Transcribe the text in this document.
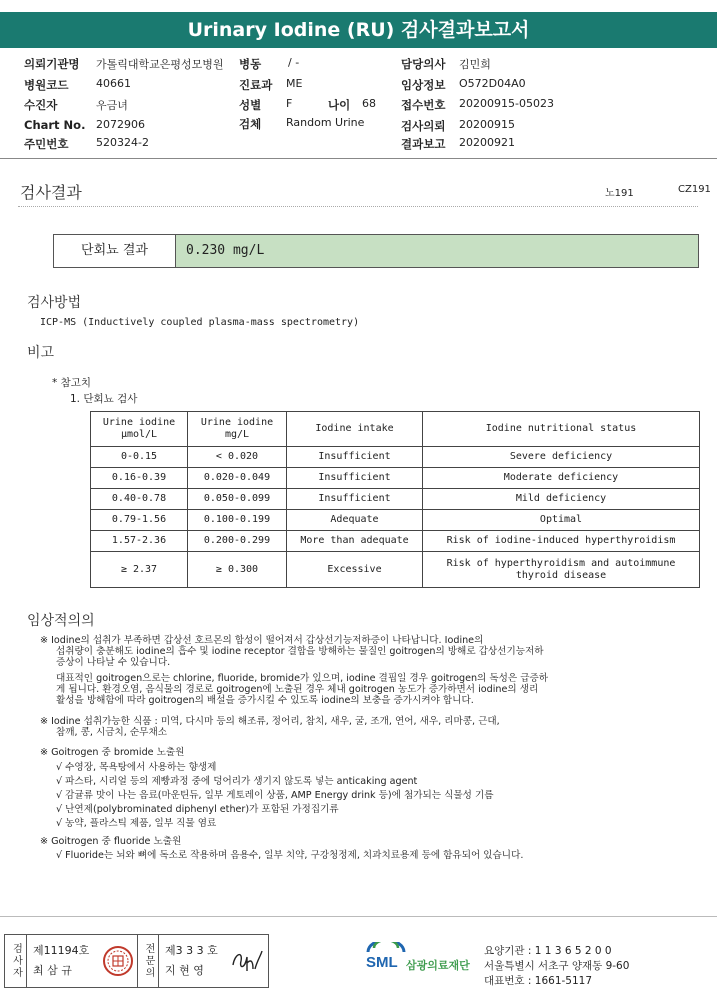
Urinary Iodine (RU) 검사결과보고서
의뢰기관명 가톨릭대학교은평성모병원 병동 / -	담당의사 김민희
병원코드	40661	진료과 ME	임상정보 O572D04A0
수진자	우금녀	성별 F	나이 68 접수번호 20200915-05023
Chart No. 2072906	검체 Random Urine	검사의뢰 20200915
주민번호	520324-2	결과보고 20200921
검사결과	노191	CZ191
단회뇨 결과	0.230 mg/L
검사방법
ICP-MS (Inductively coupled plasma-mass spectrometry)
비고
* 참고치
1. 단회뇨 검사
Urine iodine μmol/L	Urine iodine mg/L	Iodine intake	Iodine nutritional status
0-0.15	< 0.020	Insufficient	Severe deficiency
0.16-0.39	0.020-0.049	Insufficient	Moderate deficiency
0.40-0.78	0.050-0.099	Insufficient	Mild deficiency
0.79-1.56	0.100-0.199	Adequate	Optimal
1.57-2.36	0.200-0.299	More than adequate	Risk of iodine-induced hyperthyroidism
≥ 2.37	≥ 0.300	Excessive	Risk of hyperthyroidism and autoimmune thyroid disease
임상적의의
※ Iodine의 섭취가 부족하면 갑상선 호르몬의 합성이 떨어져서 갑상선기능저하증이 나타납니다. Iodine의
섭취량이 충분해도 iodine의 흡수 및 iodine receptor 결합을 방해하는 물질인 goitrogen의 방해로 갑상선기능저하
증상이 나타날 수 있습니다.
대표적인 goitrogen으로는 chlorine, fluoride, bromide가 있으며, iodine 결핍일 경우 goitrogen의 독성은 급증하
게 됩니다. 환경오염, 음식물의 경로로 goitrogen에 노출된 경우 체내 goitrogen 농도가 증가하면서 iodine의 생리
활성을 방해함에 따라 goitrogen의 배설을 증가시킬 수 있도록 iodine의 보충을 증가시켜야 합니다.
※ Iodine 섭취가능한 식품 : 미역, 다시마 등의 해조류, 정어리, 참치, 새우, 굴, 조개, 연어, 새우, 리마콩, 근대,
참깨, 콩, 시금치, 순무채소
※ Goitrogen 중 bromide 노출원
√ 수영장, 목욕탕에서 사용하는 향생제
√ 파스타, 시리얼 등의 제빵과정 중에 덩어리가 생기지 않도록 넣는 anticaking agent
√ 감귤류 맛이 나는 음료(마운틴듀, 일부 게토레이 상품, AMP Energy drink 등)에 첨가되는 식물성 기름
√ 난연제(polybrominated diphenyl ether)가 포함된 가정집기류
√ 농약, 플라스틱 제품, 일부 직물 염료
※ Goitrogen 중 fluoride 노출원
√ Fluoride는 뇌와 뼈에 독소로 작용하며 음용수, 일부 치약, 구강청정제, 치과치료용제 등에 함유되어 있습니다.
검사자 제11194호
최 삼 규	전문의 제3 3 3 호
지 현 영	SML 삼광의료재단
요양기관 : 1 1 3 6 5 2 0 0
서울특별시 서초구 양재동 9-60
대표번호 : 1661-5117
